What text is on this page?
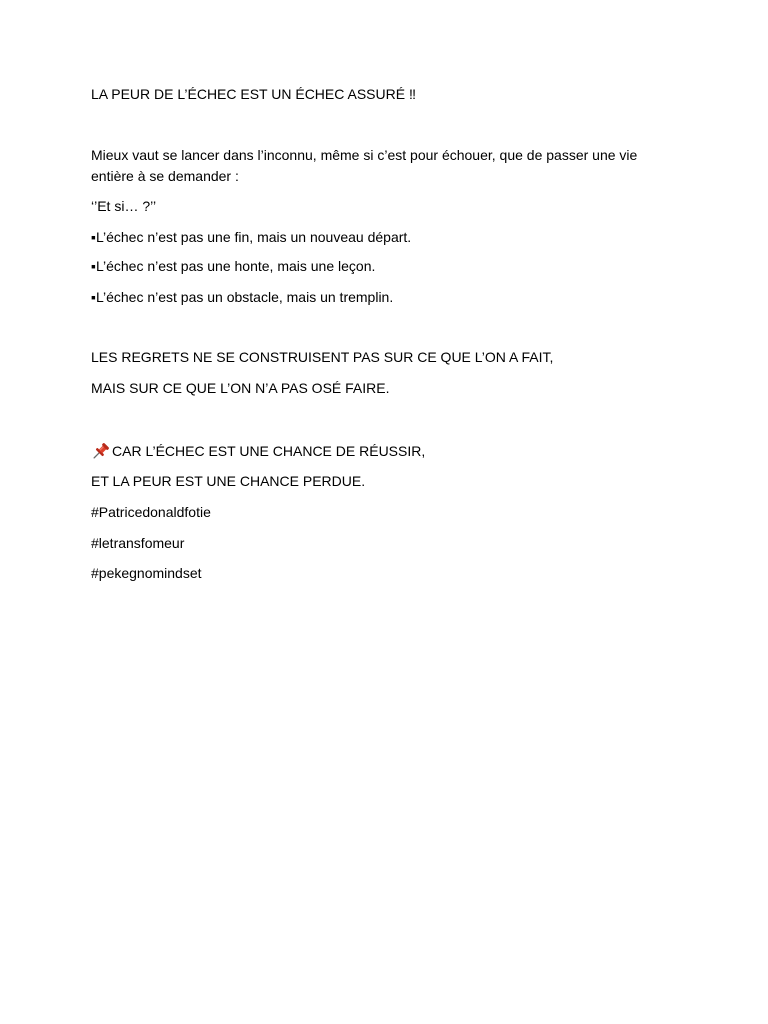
LA PEUR DE L’ÉCHEC EST UN ÉCHEC ASSURÉ ‼
Mieux vaut se lancer dans l’inconnu, même si c’est pour échouer, que de passer une vie
entière à se demander :
‘’Et si… ?’’
▪L’échec n’est pas une fin, mais un nouveau départ.
▪L’échec n’est pas une honte, mais une leçon.
▪L’échec n’est pas un obstacle, mais un tremplin.
LES REGRETS NE SE CONSTRUISENT PAS SUR CE QUE L’ON A FAIT,
MAIS SUR CE QUE L’ON N’A PAS OSÉ FAIRE.
CAR L’ÉCHEC EST UNE CHANCE DE RÉUSSIR,
ET LA PEUR EST UNE CHANCE PERDUE.
#Patricedonaldfotie
#letransfomeur
#pekegnomindset
